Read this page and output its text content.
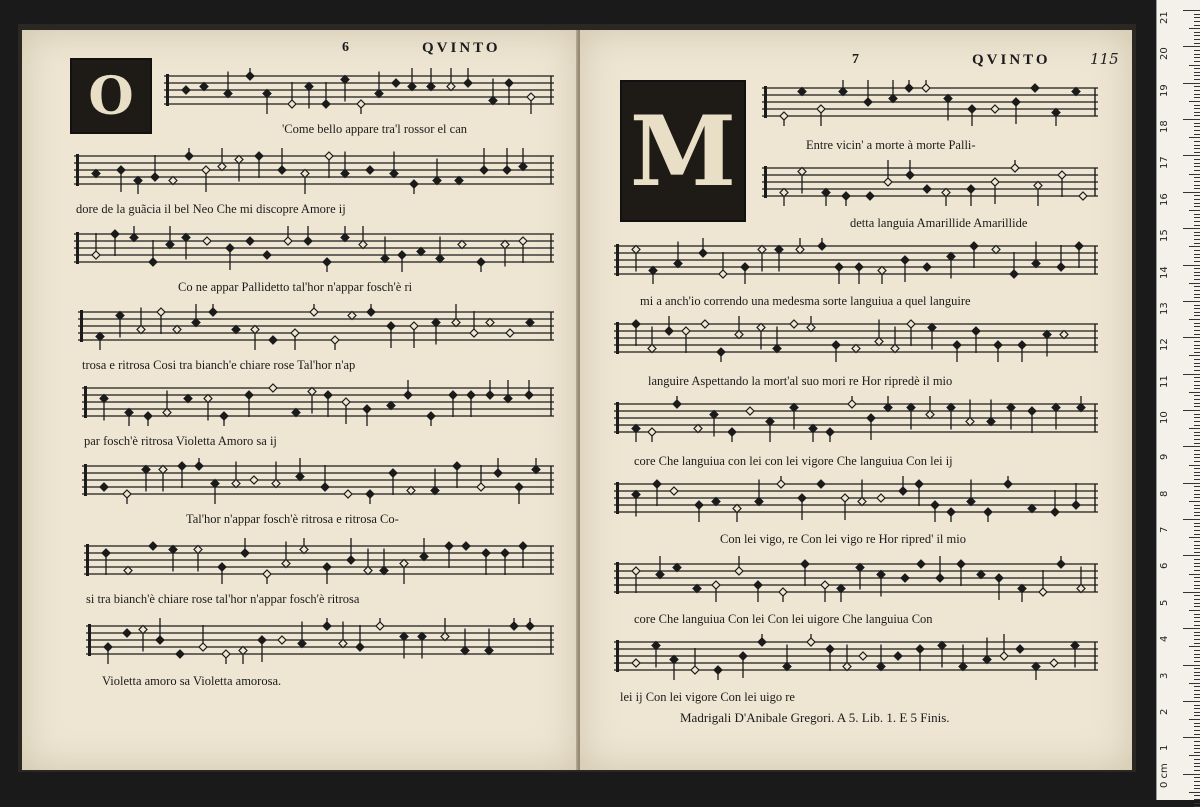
6	QVINTO
O
'Come bello appare tra'l rossor el can
dore de la guãcia il bel Neo Che mi discopre Amore ij
Co ne appar Pallidetto tal'hor n'appar fosch'è ri
trosa e ritrosa Cosi tra bianch'e chiare rose Tal'hor n'ap
par fosch'è ritrosa Violetta Amoro sa ij
Tal'hor n'appar fosch'è ritrosa e ritrosa Co-
si tra bianch'è chiare rose tal'hor n'appar fosch'è ritrosa
Violetta amoro sa Violetta amorosa.
7	QVINTO	115
M	Entre vicin' a morte à morte Palli-
detta languia Amarillide Amarillide
mi a anch'io correndo una medesma sorte languiua a quel languire
languire Aspettando la mort'al suo mori re Hor ripredè il mio
core Che languiua con lei con lei vigore Che languiua Con lei ij
Con lei vigo, re Con lei vigo re Hor ripred' il mio
core Che languiua Con lei Con lei uigore Che languiua Con
lei ij Con lei vigore Con lei uigo re
Madrigali D'Anibale Gregori. A 5. Lib. 1. E 5 Finis.
21
20
19
18
17
16
15
14
13
12
11
10
9
8
7
6
5
4
3
2
1
0 cm
